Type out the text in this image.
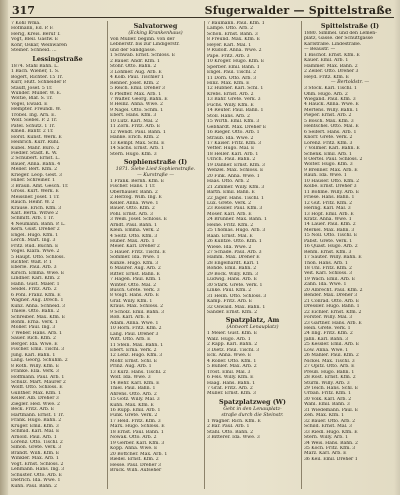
317	Sfugerwalder — Spittelstraße
7 Kohl Wma.
Hofmann, Ed. P. F.
Herig, Kreis. Beruf T.
Vogt, Bleil. Gastw. E
Köhr, Oskar, Weinwaren
Steiner. Schneid. ...
Lessingstraße
1874. Stahl Bahn. L.
1 Bach. Wiener, 1. S.
Bogert, Richter. 15 Tr.
Kurr, Hütt. Schneider P.
Stauff, Josef. 5 Tr.
Wunder. Müller. W. E.
Woltie, Blaf. S. Tr.
Vogel, Ewald. E
Hempter. Freundl. W.
Tröbel. Ing. Arn. E.
Wolf. Siebel. P. 2 Tr.
Pätel. Schütz. 1 Tr.
Kmell. Bantr. 2 Tr.
Horst. Kunst. Werk. E
Heinrich. Kurr. Ruhl.
Kübel. Mahr. Büro. 2
Fiedler. Stadt. K. W.
2 Schubert. Ernst. L.
Bauer, Anna. Bahn. 4
Meller. Bert. Kfm. 2
Krieger. Leop. Gest. 3
Hiller. Schreiner. 1
3 Braun. Amt. Gesch. Tr.
Gross. Kurt. Werk. E
Meissner. Josef. 1 Tr.
Rauch. Heinr. W. 2
Krause. Erich. Kfm. 3
Kalt. Berta. Witwe 2
Schmitt. Arb. 1 Tr.
4 Neumann. Bahn. P. L.
Kern. Gust. Dreher 2
Engel. Hugo. Kfm. 1
Lerch. Mart. Ing. 3
Fritz. Rud. Buchh. E
Vogel. Klara. Wwe. 2
5 Haupt. Otto. Schloss.
Richter. Walt. P. 1
Eberle. Paul. Arb. 3
Kirsch. Emma. Wwe. E
Lindner. Karl. Kfm. 2
Hahn. Gust. Maler. 1
Seidel. Fritz. Arb. 2
6 Pohl. Franz. Kfm. E
Wagner. Aug. Drech. 1
Kunz. Anna. Schneid. 3
Thiele. Otto. Bahn. 2
Schreiber. Max. Kfm. E
Böhm. Erna. Verk. 1
Möller. Paul. Ing. 3
7 Weber. Hans. Arb. 1
Sauer. Rich. Kfm. 2
Berger. Ida. Wwe. E
Fischer. Emil. Tischl. 3
Jung. Karl. Bahn. 1
Lang. Georg. Schuhm. 2
8 Roth. Willy. Kfm. E
Franke. Ella. Verk. 3
Hoffmann. Paul. Arb. 1
Schulz. Mart. Maurer 2
Wolff. Otto. Schloss. E
Günther. Max. Kfm. 1
Keller. Alb. Dreher 3
Ziegler. Hed. Wwe. 2
Beck. Fritz. Arb. E
Hartmann. Ernst. 1 Tr.
Frank. Hugo. Bahn. 2
Krüger. Emil. Kfm. 3
Schmid. Karl. Mal. E
Arnold. Paul. Arb. 1
Lorenz. Otto. Tischl. 2
Simon. Grete. Verk. 3
Brandt. Wilh. Kfm. E
Winkler. Max. Arb. 1
Vogt. Ernst. Schloss. 2
Lehmann. Hans. Ing. 3
Schuster. Otto. Arb. E
Dietrich. Ida. Wwe. 1
Kuhn. Paul. Bahn. 2
Salvatorweg
(Ecking Krankenhaus)
Von Müller. beginn. von der
Lebnerstr. bis zur Lindigerstr.
und der Sandgasse.
1 Schwab. Ernst. Schloss. E
2 Bauer. Andr. Kfm. 1
Stöhr. Otto. Bahn. 2
3 Lohmer. Aug. Arb. E
4 Kolb. Paul. Tischler 1
Renner. Josef. Kfm. 2
5 Reich. Emil. Dreher 3
6 Pfeiffer. Max. Arb. 1
7 Walter. Georg. Bahn. E
8 Heinz. Anna. Wwe. 2
9 Nagel. Otto. Schm. 1
Ebert. Hans. Kfm. 3
10 Lutz. Karl. Mal. 2
11 Zorn. Fritz. Arb. E
12 Wendt. Paul. Bahn. 1
Hanke. Erich. Kfm. 2
13 Kempf. Max. Schl. E
14 Sachs. Ernst. Arb. 1
Stern. Hugo. Kfm. 3
Sophienstraße (I)
1871. Siehe Lied Sophienstraße.
— Kurstraße —
1 Frank. Bernh. Kfm. E
Fischer. Hans. 1 Tr.
Oberhauser. Bahn. 2
2 Herzog. Wilh. Ing. E
Keller. Anna. Wwe. 1
Bauer. Otto. Kfm. 2
Pohl. Ernst. Arb. 3
3 Weiß. Josef. Schloss. E
Arndt. Paul. Bahn. 1
Klein. Emma. Verk. 2
4 Seitz. Otto. Kfm. 3
Huber. Max. Arb. 1
Meier. Karl. Dreher 2
5 Hauer. Fritz. Tischl. E
Sommer. Ida. Wwe. 1
Kunze. Hugo. Kfm. 3
6 Maurer. Aug. Arb. 2
Ritter. Ernst. Bahn. E
7 Hagen. Paul. Kfm. 1
Winter. Otto. Mal. 2
Busch. Grete. Verk. 3
8 Voigt. Hans. Arb. E
Graf. Willy. Kfm. 1
Kraus. Max. Schloss. 2
9 Scholz. Emil. Bahn. 3
Roß. Karl. Arb. E
Adam. Anna. Wwe. 1
10 Horn. Fritz. Kfm. 2
Lang. Paul. Dreher 3
Witt. Otto. Arb. E
11 Stein. Max. Bahn. 1
Ebert. Erna. Verk. 2
12 Lenz. Hugo. Kfm. 3
Mohr. Ernst. Schl. E
Prinz. Aug. Arb. 1
13 Kurz. Hans. Tischl. 2
Wolf. Ida. Wwe. 3
14 Behr. Karl. Kfm. E
Thiel. Paul. Bahn. 1
Ahrens. Otto. Arb. 2
15 Götz. Willy. Mal. 3
Kühn. Max. Kfm. E
16 Rupp. Emil. Arb. 1
Funk. Grete. Verk. 2
17 Held. Fritz. Kfm. 3
Marx. Hugo. Schloss. E
18 Ernst. Paul. Bahn. 1
Nowak. Otto. Arb. 2
19 Gerber. Karl. Kfm. 3
Kopp. Anna. Wwe. E
20 Böttcher. Max. Arb. 1
Riedel. Ernst. Kfm. 2
Hesse. Paul. Dreher 3
Brück. Wilh. Aufseher
7 Baumann. Paul. Kfm. 1
Lampe. Otto. Arb. 2
Schön. Ernst. Bahn. 3
8 Freund. Max. Kfm. E
Heyer. Karl. Mal. 1
9 Rudolf. Anna. Wwe. 2
Pape. Fritz. Arb. 3
10 Kröger. Hugo. Kfm. E
Sperber. Emil. Bahn. 1
Engel. Paul. Tischl. 2
11 Dorn. Otto. Arb. 3
Hinz. Max. Kfm. E
12 Hübner. Karl. Schl. 1
Krebs. Ernst. Arb. 2
13 Bahr. Grete. Verk. 3
Fuchs. Willy. Kfm. E
14 Reuter. Paul. Bahn. 1
Stoll. Hans. Arb. 2
15 Wirth. Emil. Kfm. 3
Gebhardt. Max. Dreher E
16 Rieger. Otto. Arb. 1
Straub. Ida. Wwe. 2
17 Kaiser. Fritz. Kfm. 3
Vetter. Hugo. Mal. E
18 Heller. Karl. Arb. 1
Ulrich. Paul. Bahn. 2
19 Danner. Ernst. Kfm. 3
Wenzel. Max. Schloss. E
20 Fink. Anna. Wwe. 1
Haas. Otto. Arb. 2
21 Zimmer. Willy. Kfm. 3
Barth. Emil. Bahn. E
22 Jäger. Hans. Tischl. 1
Lux. Grete. Verk. 2
23 Rössler. Paul. Kfm. 3
Moser. Karl. Arb. E
24 Brunner. Max. Bahn. 1
Heine. Fritz. Kfm. 2
25 Thomas. Hugo. Arb. 3
Raab. Ernst. Mal. E
26 Kuntze. Otto. Kfm. 1
Wiese. Ida. Wwe. 2
27 Schade. Paul. Arb. 3
Hamm. Max. Dreher E
28 Engelhardt. Karl. 1
Rohde. Emil. Bahn. 2
29 Bock. Willy. Kfm. 3
Ludwig. Hans. Arb. E
30 Stark. Grete. Verk. 1
Linke. Paul. Kfm. 2
31 Heim. Otto. Schloss. 3
Kamp. Fritz. Arb. E
32 Oswald. Max. Bahn. 1
Sander. Ernst. Kfm. 2
Spatzplatz, Am
(Antwort Lenauplatz)
1 Meier. Gust. Kfm. E
Walz. Hugo. Arb. 1
2 Rapp. Karl. Bahn. 2
3 Dietz. Paul. Tischl. 3
Eck. Anna. Wwe. E
4 Roller. Otto. Kfm. 1
5 Bühler. Max. Arb. 2
Trost. Emil. Mal. 3
6 Fels. Willy. Kfm. E
Haag. Hans. Bahn. 1
7 Graf. Fritz. Arb. 2
Müller. Ernst. Kfm. 3
Spatzplatzweg (W)
Geht in den Lenauplatz-
straße durch die Steinstr.
1 Wagner. Rich. Kfm. E
2 Bär. Paul. Arb. 1
Stahl. Otto. Bahn. 2
3 Bitterer. Ida. Wwe. 3
Spittelstraße (I)
1880. Simmel. und den Lemen-
platz, Gasse. der Schüttgasse
Karlstraße. Lindestraße.
— Beaustr. —
1 Bischof. Ernst. Kfm. E
Kauer. Emil. Arb. 1
Hammer. Max. Bahn. 2
2 Zeller. Otto. Dreher 3
Heyd. Fritz. Kfm. E
— Bertoldstr. —
3 Stock. Karl. Tischl. 1
Ohm. Hugo. Arb. 2
Wiegand. Paul. Kfm. 3
4 Hauck. Anna. Wwe. E
Mertens. Willy. Bahn. 1
Pieper. Ernst. Arb. 2
5 Bosch. Max. Kfm. 3
Hentschel. Otto. Mal. E
6 Seifert. Hans. Arb. 1
Knorr. Grete. Verk. 2
Lorenz. Fritz. Kfm. 3
7 Vollmer. Karl. Bahn. E
Schenk. Emil. Arb. 1
8 Oertel. Paul. Schloss. 2
Wolter. Hugo. Kfm. 3
9 Brenner. Max. Arb. E
Rauh. Ida. Wwe. 1
10 Hauser. Otto. Kfm. 2
Kolbe. Ernst. Dreher 3
11 Böhme. Willy. Arb. E
Friese. Hans. Bahn. 1
12 Gut. Fritz. Kfm. 2
Hering. Karl. Mal. 3
13 Hopf. Emil. Arb. E
Kratz. Anna. Wwe. 1
14 Lauer. Paul. Kfm. 2
Merkel. Max. Bahn. 3
15 Noll. Otto. Tischl. E
Pabst. Grete. Verk. 1
16 Quast. Hugo. Arb. 2
Rehm. Ernst. Kfm. 3
17 Sauter. Willy. Bahn. E
Thon. Hans. Arb. 1
18 Uhl. Fritz. Kfm. 2
Veit. Karl. Schloss. 3
19 Wach. Emil. Arb. E
Zahn. Ida. Wwe. 1
20 Albrecht. Paul. Kfm. 2
Bender. Max. Dreher 3
21 Conrad. Otto. Arb. E
Dressler. Hugo. Bahn. 1
22 Eichler. Ernst. Kfm. 2
Förster. Willy. Mal. 3
23 Gärtner. Hans. Arb. E
Hein. Grete. Verk. 1
24 Illig. Fritz. Kfm. 2
Jahn. Karl. Bahn. 3
25 Kessler. Emil. Arb. E
Löw. Anna. Wwe. 1
26 Mahler. Paul. Kfm. 2
Nickel. Max. Tischl. 3
27 Opitz. Otto. Arb. E
Preuß. Hugo. Bahn. 1
28 Rost. Ernst. Kfm. 2
Sturm. Willy. Arb. 3
29 Teich. Hans. Schl. E
Urban. Fritz. Kfm. 1
30 Volk. Karl. Arb. 2
Wahl. Emil. Bahn. 3
31 Wiedemann. Paul. E
Zeh. Max. Kfm. 1
32 Bauer. Otto. Arb. 2
Schild. Ernst. Mal. 3
33 Riedl. Hugo. Kfm. E
Stern. Willy. Arb. 1
34 Weis. Hans. Bahn. 2
35 Koch. Fritz. Kfm. 3
Marz. Karl. Arb. E
36 Keil. Emil. Dreher 1
